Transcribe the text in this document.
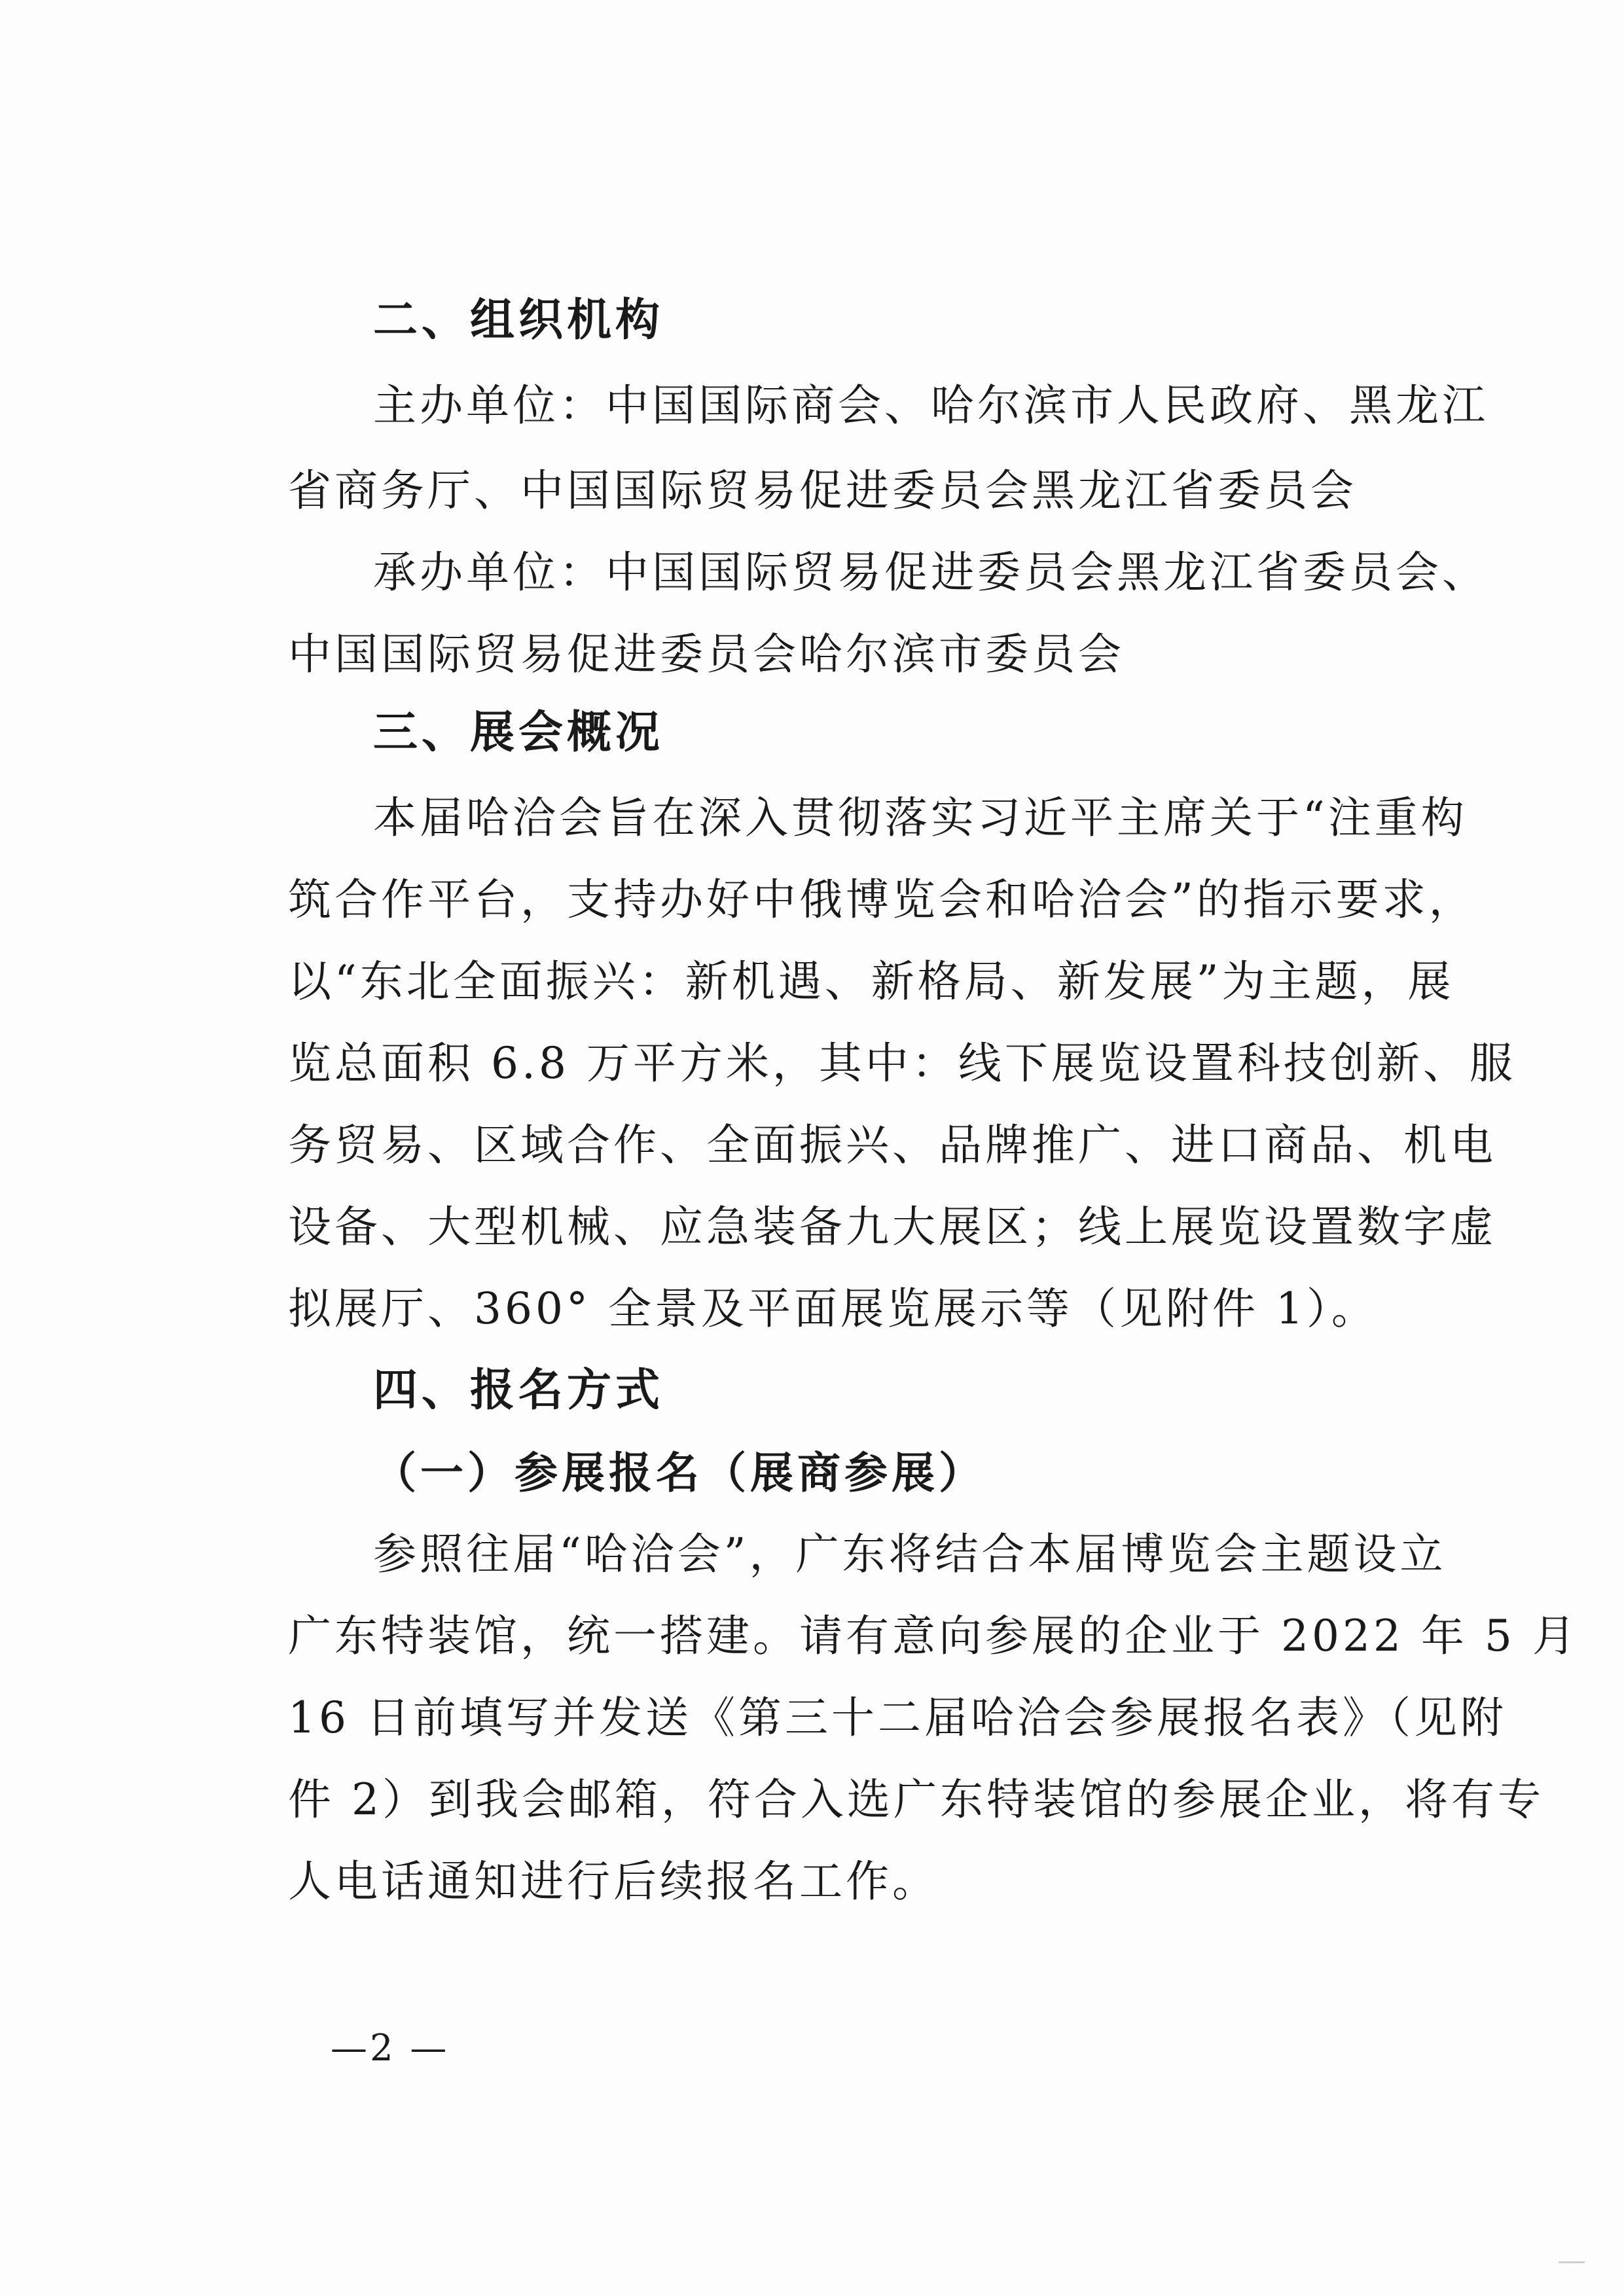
二、组织机构
主办单位：中国国际商会、哈尔滨市人民政府、黑龙江
省商务厅、中国国际贸易促进委员会黑龙江省委员会
承办单位：中国国际贸易促进委员会黑龙江省委员会、
中国国际贸易促进委员会哈尔滨市委员会
三、展会概况
本届哈洽会旨在深入贯彻落实习近平主席关于“注重构
筑合作平台，支持办好中俄博览会和哈洽会”的指示要求，
以“东北全面振兴：新机遇、新格局、新发展”为主题，展
览总面积 6.8 万平方米，其中：线下展览设置科技创新、服
务贸易、区域合作、全面振兴、品牌推广、进口商品、机电
设备、大型机械、应急装备九大展区；线上展览设置数字虚
拟展厅、360° 全景及平面展览展示等（见附件 1）。
四、报名方式
（一）参展报名（展商参展）
参照往届“哈洽会”，广东将结合本届博览会主题设立
广东特装馆，统一搭建。请有意向参展的企业于 2022 年 5 月
16 日前填写并发送《第三十二届哈洽会参展报名表》（见附
件 2）到我会邮箱，符合入选广东特装馆的参展企业，将有专
人电话通知进行后续报名工作。
—2 —
